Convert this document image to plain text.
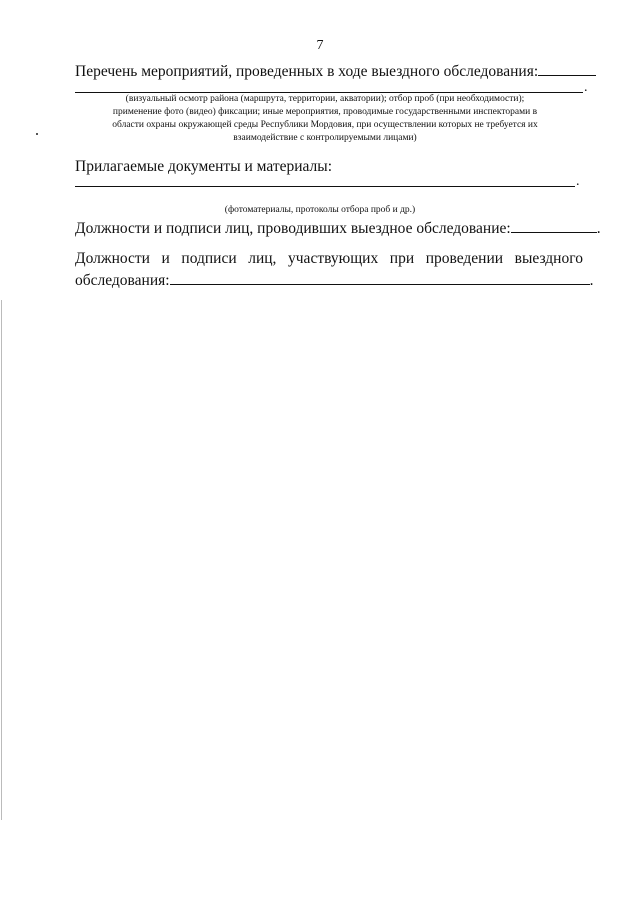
7
Перечень мероприятий, проведенных в ходе выездного обследования:
.
(визуальный осмотр района (маршрута, территории, акватории); отбор проб (при необходимости);
применение фото (видео) фиксации; иные мероприятия, проводимые государственными инспекторами в
области охраны окружающей среды Республики Мордовия, при осуществлении которых не требуется их
взаимодействие с контролируемыми лицами)
Прилагаемые документы и материалы:
.
(фотоматериалы, протоколы отбора проб и др.)
Должности и подписи лиц, проводивших выездное обследование:	.
Должности и подписи лиц, участвующих при проведении выездного
обследования:	.
